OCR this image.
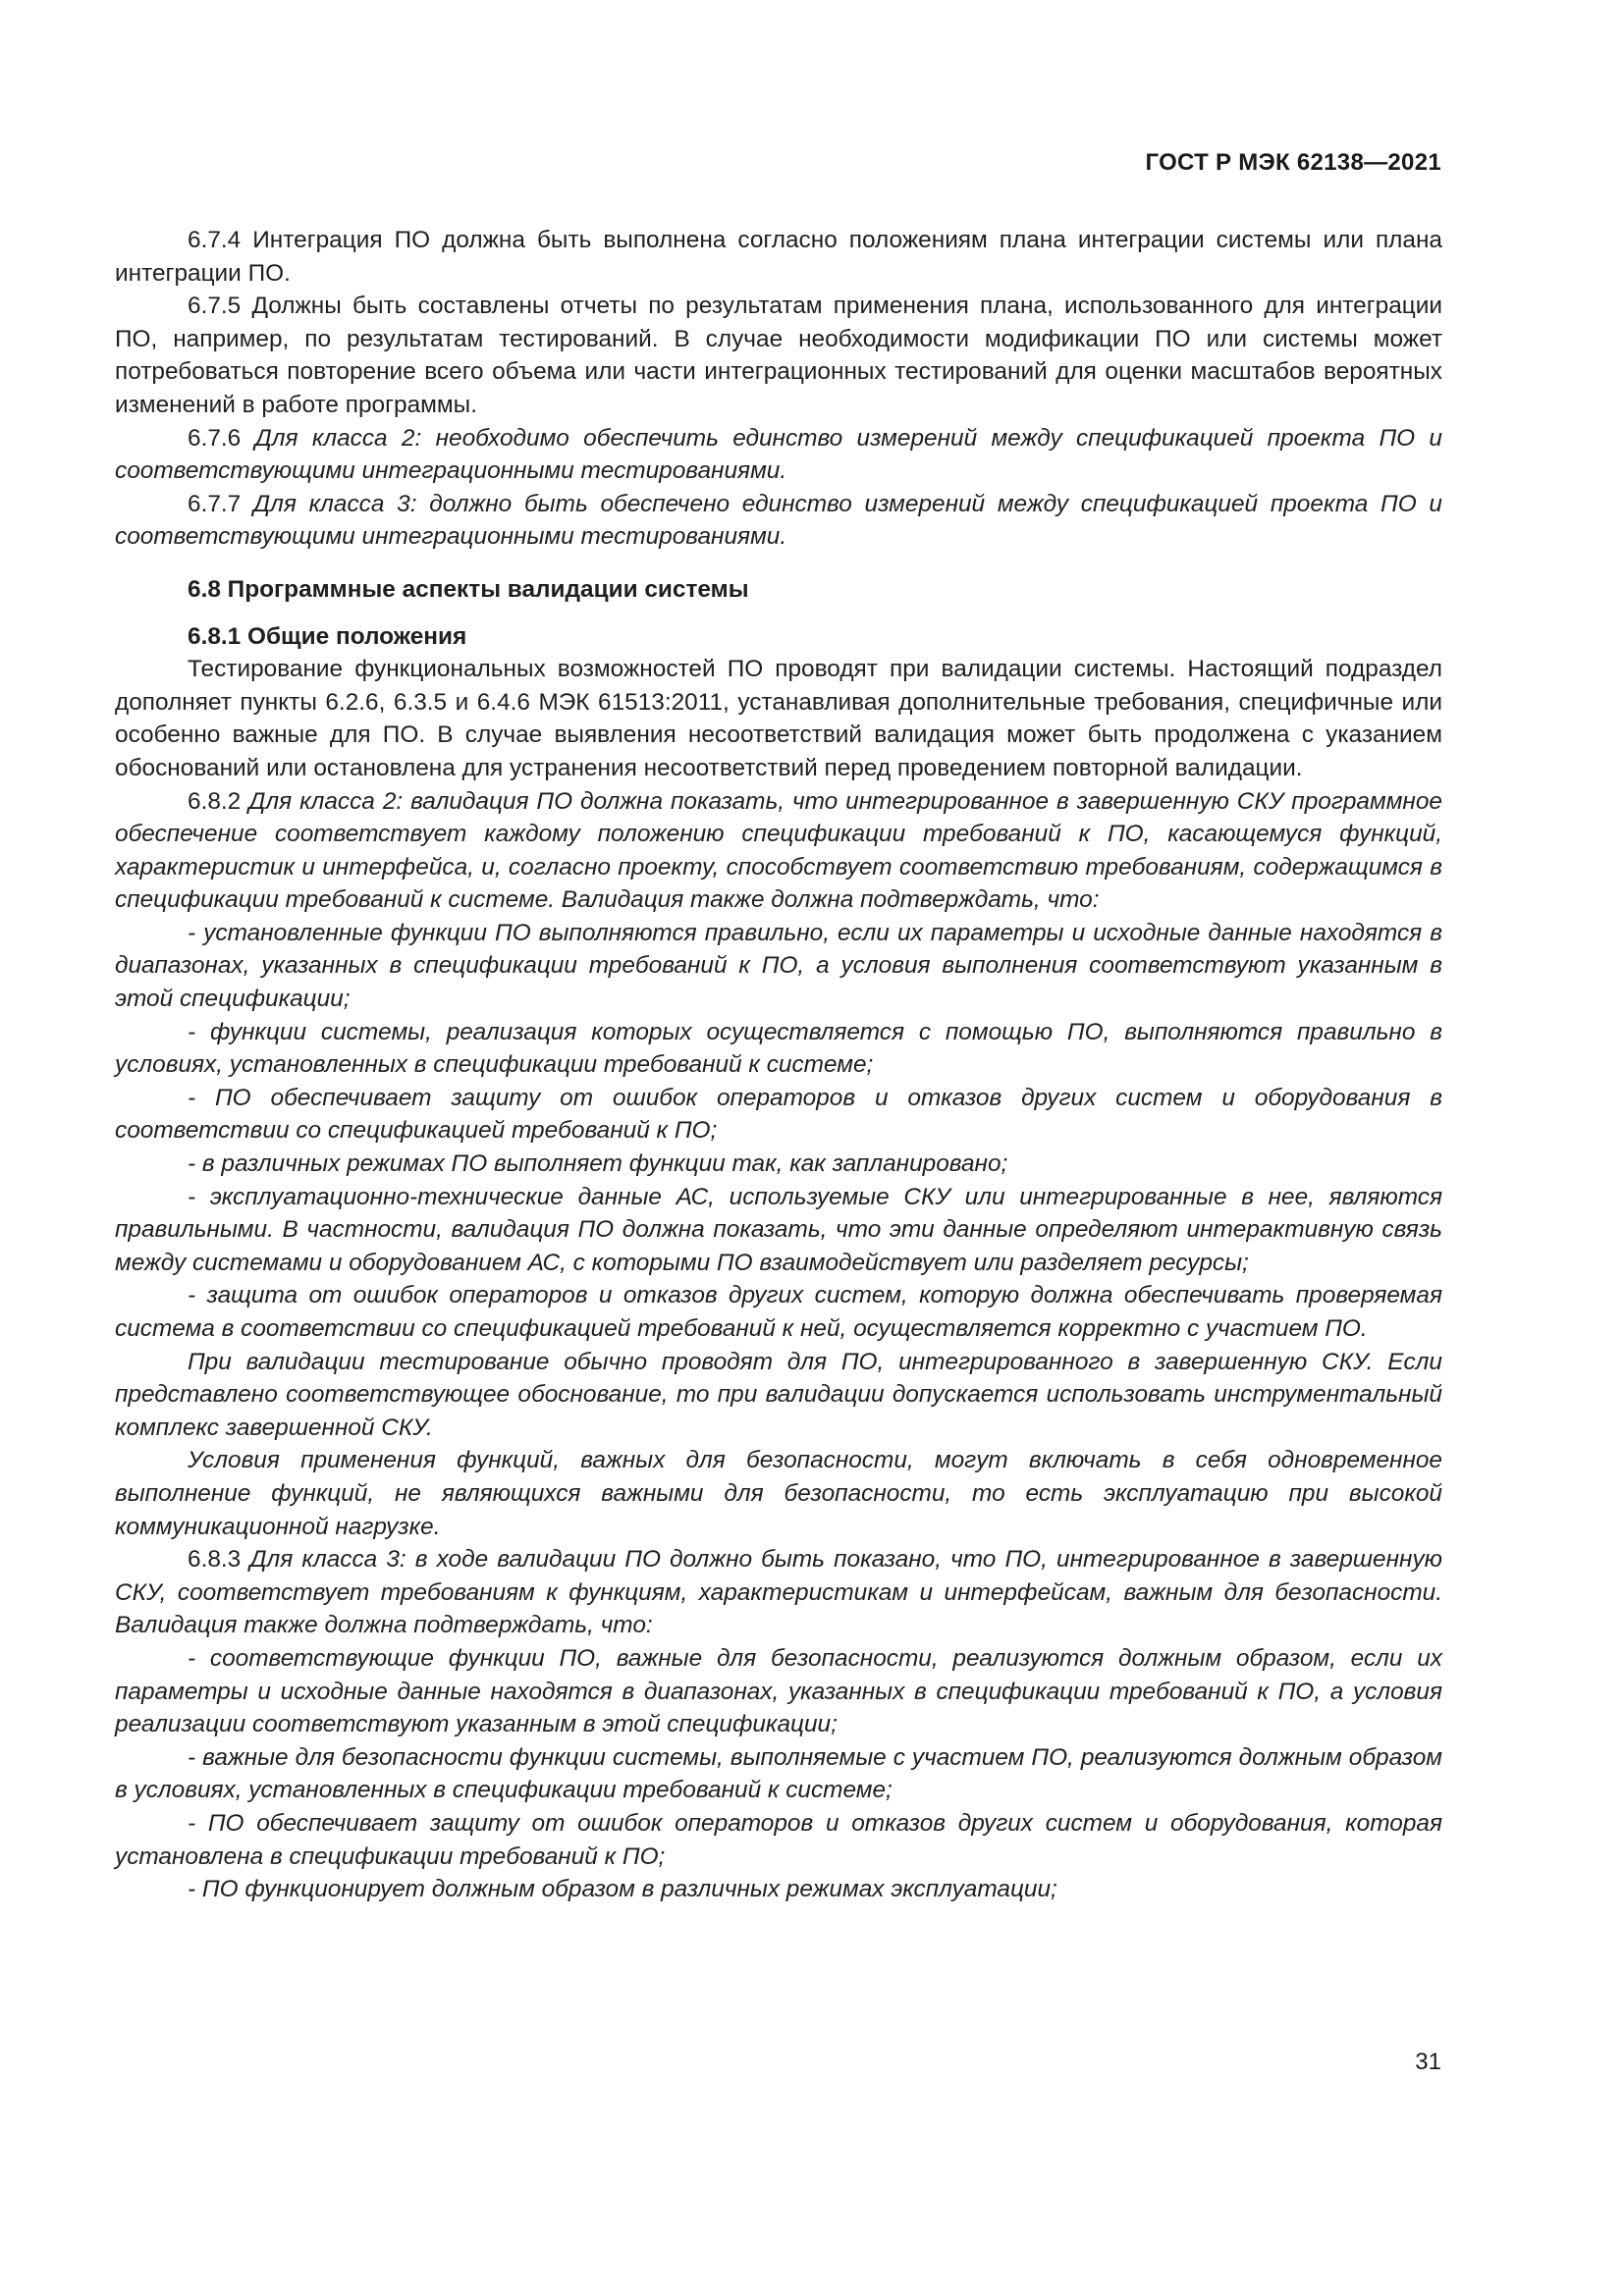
ГОСТ Р МЭК 62138—2021

6.7.4 Интеграция ПО должна быть выполнена согласно положениям плана интеграции системы или плана интеграции ПО.

6.7.5 Должны быть составлены отчеты по результатам применения плана, использованного для интеграции ПО, например, по результатам тестирований. В случае необходимости модификации ПО или системы может потребоваться повторение всего объема или части интеграционных тестирований для оценки масштабов вероятных изменений в работе программы.

6.7.6 Для класса 2: необходимо обеспечить единство измерений между спецификацией проекта ПО и соответствующими интеграционными тестированиями.

6.7.7 Для класса 3: должно быть обеспечено единство измерений между спецификацией проекта ПО и соответствующими интеграционными тестированиями.

6.8 Программные аспекты валидации системы

6.8.1 Общие положения

Тестирование функциональных возможностей ПО проводят при валидации системы. Настоящий подраздел дополняет пункты 6.2.6, 6.3.5 и 6.4.6 МЭК 61513:2011, устанавливая дополнительные требования, специфичные или особенно важные для ПО. В случае выявления несоответствий валидация может быть продолжена с указанием обоснований или остановлена для устранения несоответствий перед проведением повторной валидации.

6.8.2 Для класса 2: валидация ПО должна показать, что интегрированное в завершенную СКУ программное обеспечение соответствует каждому положению спецификации требований к ПО, касающемуся функций, характеристик и интерфейса, и, согласно проекту, способствует соответствию требованиям, содержащимся в спецификации требований к системе. Валидация также должна подтверждать, что:

- установленные функции ПО выполняются правильно, если их параметры и исходные данные находятся в диапазонах, указанных в спецификации требований к ПО, а условия выполнения соответствуют указанным в этой спецификации;

- функции системы, реализация которых осуществляется с помощью ПО, выполняются правильно в условиях, установленных в спецификации требований к системе;

- ПО обеспечивает защиту от ошибок операторов и отказов других систем и оборудования в соответствии со спецификацией требований к ПО;

- в различных режимах ПО выполняет функции так, как запланировано;

- эксплуатационно-технические данные АС, используемые СКУ или интегрированные в нее, являются правильными. В частности, валидация ПО должна показать, что эти данные определяют интерактивную связь между системами и оборудованием АС, с которыми ПО взаимодействует или разделяет ресурсы;

- защита от ошибок операторов и отказов других систем, которую должна обеспечивать проверяемая система в соответствии со спецификацией требований к ней, осуществляется корректно с участием ПО.

При валидации тестирование обычно проводят для ПО, интегрированного в завершенную СКУ. Если представлено соответствующее обоснование, то при валидации допускается использовать инструментальный комплекс завершенной СКУ.

Условия применения функций, важных для безопасности, могут включать в себя одновременное выполнение функций, не являющихся важными для безопасности, то есть эксплуатацию при высокой коммуникационной нагрузке.

6.8.3 Для класса 3: в ходе валидации ПО должно быть показано, что ПО, интегрированное в завершенную СКУ, соответствует требованиям к функциям, характеристикам и интерфейсам, важным для безопасности. Валидация также должна подтверждать, что:

- соответствующие функции ПО, важные для безопасности, реализуются должным образом, если их параметры и исходные данные находятся в диапазонах, указанных в спецификации требований к ПО, а условия реализации соответствуют указанным в этой спецификации;

- важные для безопасности функции системы, выполняемые с участием ПО, реализуются должным образом в условиях, установленных в спецификации требований к системе;

- ПО обеспечивает защиту от ошибок операторов и отказов других систем и оборудования, которая установлена в спецификации требований к ПО;

- ПО функционирует должным образом в различных режимах эксплуатации;

31
